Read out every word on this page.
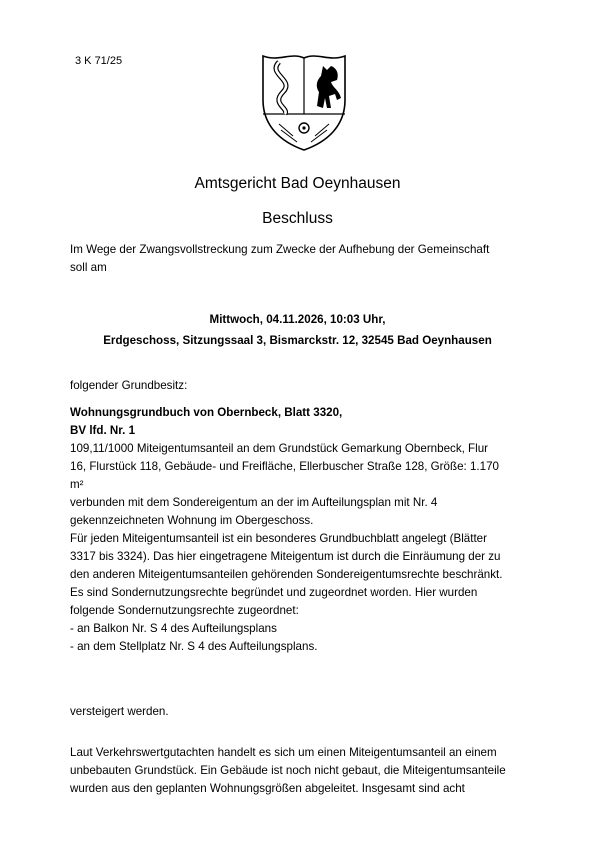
3 K 71/25
Amtsgericht Bad Oeynhausen
Beschluss
Im Wege der Zwangsvollstreckung zum Zwecke der Aufhebung der Gemeinschaft
soll am
Mittwoch, 04.11.2026, 10:03 Uhr,
Erdgeschoss, Sitzungssaal 3, Bismarckstr. 12, 32545 Bad Oeynhausen
folgender Grundbesitz:
Wohnungsgrundbuch von Obernbeck, Blatt 3320,
BV lfd. Nr. 1
109,11/1000 Miteigentumsanteil an dem Grundstück Gemarkung Obernbeck, Flur
16, Flurstück 118, Gebäude- und Freifläche, Ellerbuscher Straße 128, Größe: 1.170
m²
verbunden mit dem Sondereigentum an der im Aufteilungsplan mit Nr. 4
gekennzeichneten Wohnung im Obergeschoss.
Für jeden Miteigentumsanteil ist ein besonderes Grundbuchblatt angelegt (Blätter
3317 bis 3324). Das hier eingetragene Miteigentum ist durch die Einräumung der zu
den anderen Miteigentumsanteilen gehörenden Sondereigentumsrechte beschränkt.
Es sind Sondernutzungsrechte begründet und zugeordnet worden. Hier wurden
folgende Sondernutzungsrechte zugeordnet:
- an Balkon Nr. S 4 des Aufteilungsplans
- an dem Stellplatz Nr. S 4 des Aufteilungsplans.
versteigert werden.
Laut Verkehrswertgutachten handelt es sich um einen Miteigentumsanteil an einem
unbebauten Grundstück. Ein Gebäude ist noch nicht gebaut, die Miteigentumsanteile
wurden aus den geplanten Wohnungsgrößen abgeleitet. Insgesamt sind acht
